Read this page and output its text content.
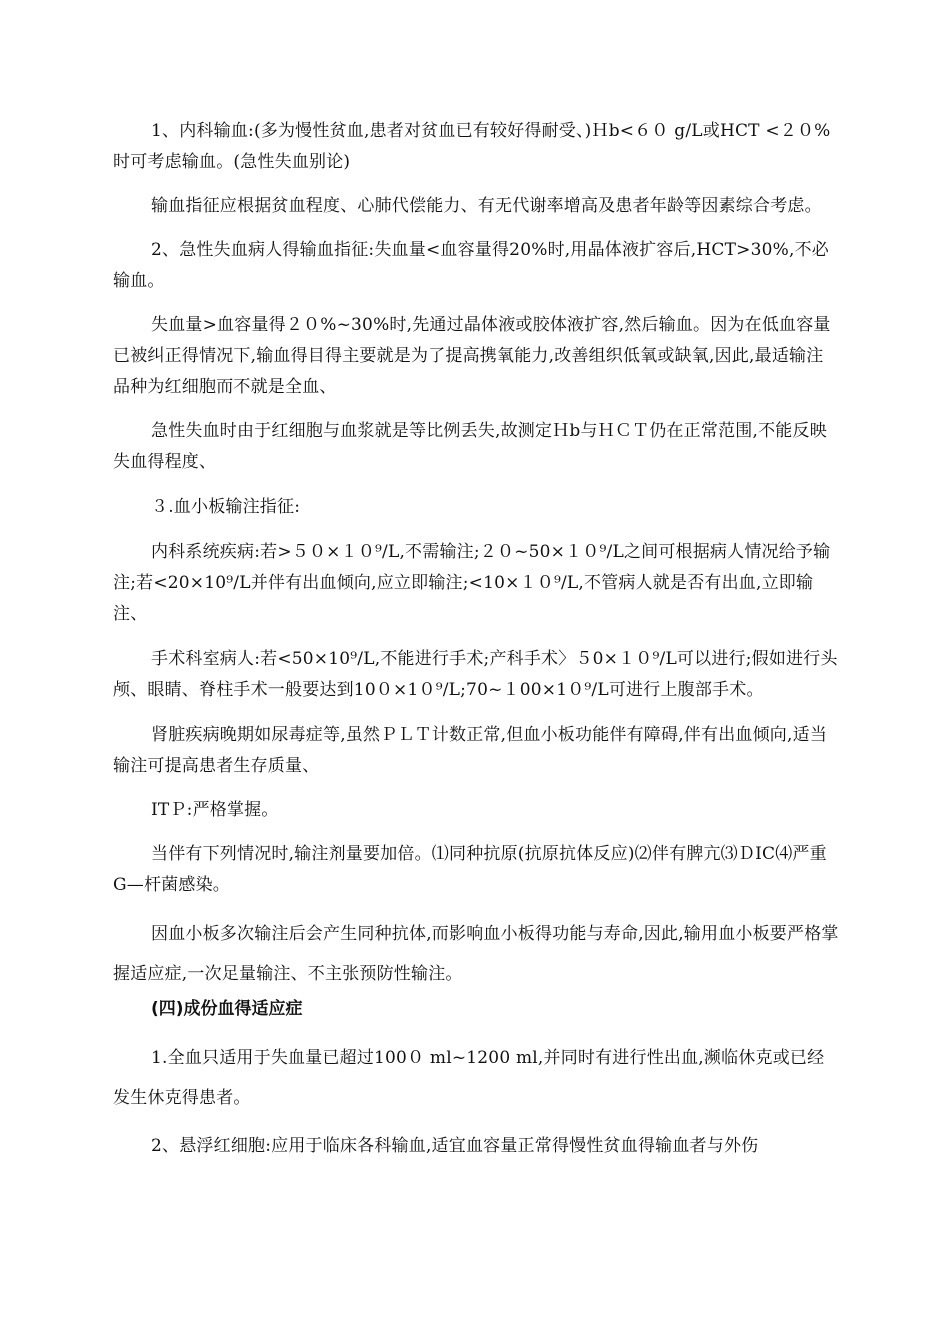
1、内科输血:(多为慢性贫血,患者对贫血已有较好得耐受、)Ｈb<６０ g/L或HCT <２０%时可考虑输血。(急性失血别论)

输血指征应根据贫血程度、心肺代偿能力、有无代谢率增高及患者年龄等因素综合考虑。

2、急性失血病人得输血指征:失血量<血容量得20%时,用晶体液扩容后,HCT>30%,不必输血。

失血量>血容量得２０%~30%时,先通过晶体液或胶体液扩容,然后输血。因为在低血容量已被纠正得情况下,输血得目得主要就是为了提高携氧能力,改善组织低氧或缺氧,因此,最适输注品种为红细胞而不就是全血、

急性失血时由于红细胞与血浆就是等比例丢失,故测定Ｈb与ＨＣＴ仍在正常范围,不能反映失血得程度、

３.血小板输注指征:

内科系统疾病:若>５０×１０⁹/L,不需输注;２０~50×１０⁹/L之间可根据病人情况给予输注;若<20×10⁹/L并伴有出血倾向,应立即输注;<10×１０⁹/L,不管病人就是否有出血,立即输注、

手术科室病人:若<50×10⁹/L,不能进行手术;产科手术〉５0×１０⁹/L可以进行;假如进行头颅、眼睛、脊柱手术一般要达到10０×1０⁹/L;70~１00×1０⁹/L可进行上腹部手术。

肾脏疾病晚期如尿毒症等,虽然ＰＬＴ计数正常,但血小板功能伴有障碍,伴有出血倾向,适当输注可提高患者生存质量、

ITＰ:严格掌握。

当伴有下列情况时,输注剂量要加倍。⑴同种抗原(抗原抗体反应)⑵伴有脾亢⑶ＤIC⑷严重G—杆菌感染。

因血小板多次输注后会产生同种抗体,而影响血小板得功能与寿命,因此,输用血小板要严格掌握适应症,一次足量输注、不主张预防性输注。

(四)成份血得适应症

1.全血只适用于失血量已超过100０ ml~1200 ml,并同时有进行性出血,濒临休克或已经发生休克得患者。

2、悬浮红细胞:应用于临床各科输血,适宜血容量正常得慢性贫血得输血者与外伤
